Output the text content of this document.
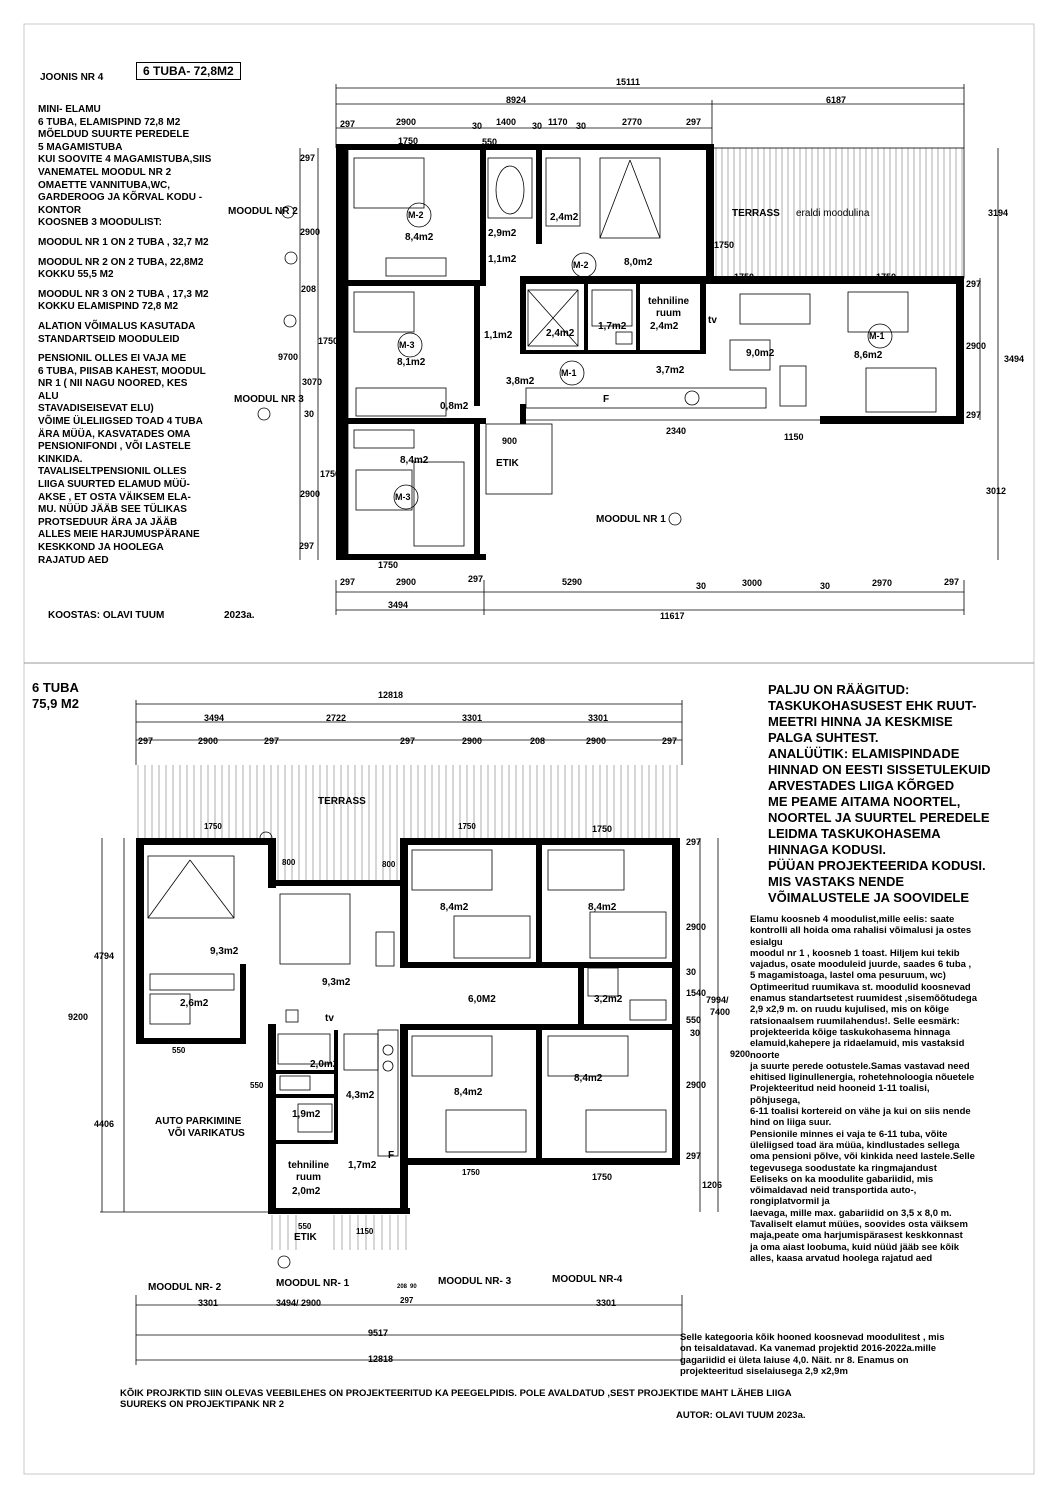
JOONIS NR 4	6 TUBA- 72,8M2
MINI- ELAMU
6 TUBA, ELAMISPIND 72,8 M2
MÕELDUD SUURTE PEREDELE
5 MAGAMISTUBA
KUI SOOVITE 4 MAGAMISTUBA,SIIS
VANEMATEL MOODUL NR 2
OMAETTE VANNITUBA,WC,
GARDEROOG JA KÕRVAL KODU -
KONTOR
KOOSNEB 3 MOODULIST:
MOODUL NR 1 ON 2 TUBA , 32,7 M2
MOODUL NR 2 ON 2 TUBA, 22,8M2
KOKKU 55,5 M2
MOODUL NR 3 ON 2 TUBA , 17,3 M2
KOKKU ELAMISPIND 72,8 M2
ALATION VÕIMALUS KASUTADA
STANDARTSEID MOODULEID
PENSIONIL OLLES EI VAJA ME
6 TUBA, PIISAB KAHEST, MOODUL
NR 1 ( NII NAGU NOORED, KES
ALU
STAVADISEISEVAT ELU)
VÕIME ÜLELIIGSED TOAD 4 TUBA
ÄRA MÜÜA, KASVATADES OMA
PENSIONIFONDI , VÕI LASTELE
KINKIDA.
TAVALISELTPENSIONIL OLLES
LIIGA SUURTED ELAMUD MÜÜ-
AKSE , ET OSTA VÄIKSEM ELA-
MU. NÜÜD JÄÄB SEE TÜLIKAS
PROTSEDUUR ÄRA JA JÄÄB
ALLES MEIE HARJUMUSPÄRANE
KESKKOND JA HOOLEGA
RAJATUD AED
KOOSTAS: OLAVI TUUM	2023a.
15111
8924	6187
297	2900	30 1400 30 1170 30	2770	297
1750	550
1750
1750	1750
1750
1750
1750
9700
297
2900
208
3070
30
2900
297
3194
297
2900
3494
297
3012
900
2340
1150
297	2900	297	5290	30	3000	30	2970	297
3494
11617
MOODUL NR 2
MOODUL NR 3
MOODUL NR 1
TERRASS eraldi moodulina
8,4m2	2,9m2
2,4m2
1,1m2	8,0m2
8,1m2
1,1m2	2,4m2
1,7m2 2,4m2
tehniline
ruum
9,0m2	8,6m2
3,8m2
3,7m2
0,8m2
8,4m2	ETIK
tv
F
M-2
M-2
M-3
M-1
M-1
M-3
6 TUBA
75,9 M2
12818
3494	2722	3301	3301
297	2900	297	297	2900	208	2900	297
TERRASS
1750	1750	1750
800	800
9200
4794
4406
550
550
550
1150
297
2900
30
1540
550
30
2900
297
7994/
7400
9200
1206
1750	1750
9,3m2
2,6m2
9,3m2
8,4m2	8,4m2
6,0M2	3,2m2
2,0m2
4,3m2
1,9m2
1,7m2
8,4m2
8,4m2
tehniline
ruum
2,0m2
ETIK
tv
F
AUTO PARKIMINE
VÕI VARIKATUS
MOODUL NR- 2	MOODUL NR- 1	MOODUL NR- 3	MOODUL NR-4
3301	3494/ 2900	3301
208 90
297
9517
12818
PALJU ON RÄÄGITUD:
TASKUKOHASUSEST EHK RUUT-
MEETRI HINNA JA KESKMISE
PALGA SUHTEST.
ANALÜÜTIK: ELAMISPINDADE
HINNAD ON EESTI SISSETULEKUID
ARVESTADES LIIGA KÕRGED
ME PEAME AITAMA NOORTEL,
NOORTEL JA SUURTEL PEREDELE
LEIDMA TASKUKOHASEMA
HINNAGA KODUSI.
PÜÜAN PROJEKTEERIDA KODUSI.
MIS VASTAKS NENDE
VÕIMALUSTELE JA SOOVIDELE
Elamu koosneb 4 moodulist,mille eelis: saate
kontrolli all hoida oma rahalisi võimalusi ja ostes
esialgu
moodul nr 1 , koosneb 1 toast. Hiljem kui tekib
vajadus, osate mooduleid juurde, saades 6 tuba ,
5 magamistoaga, lastel oma pesuruum, wc)
Optimeeritud ruumikava st. moodulid koosnevad
enamus standartsetest ruumidest ,sisemõõtudega
2,9 x2,9 m. on ruudu kujulised, mis on kõige
ratsionaalsem ruumilahendus!. Selle eesmärk:
projekteerida kõige taskukohasema hinnaga
elamuid,kahepere ja ridaelamuid, mis vastaksid
noorte
ja suurte perede ootustele.Samas vastavad need
ehitised liginullenergia, rohetehnoloogia nõuetele
Projekteeritud neid hooneid 1-11 toalisi,
põhjusega,
6-11 toalisi kortereid on vähe ja kui on siis nende
hind on liiga suur.
Pensionile minnes ei vaja te 6-11 tuba, võite
üleliigsed toad ära müüa, kindlustades sellega
oma pensioni põlve, või kinkida need lastele.Selle
tegevusega soodustate ka ringmajandust
Eeliseks on ka moodulite gabariidid, mis
võimaldavad neid transportida auto-,
rongiplatvormil ja
laevaga, mille max. gabariidid on 3,5 x 8,0 m.
Tavaliselt elamut müües, soovides osta väiksem
maja,peate oma harjumispärasest keskkonnast
ja oma aiast loobuma, kuid nüüd jääb see kõik
alles, kaasa arvatud hoolega rajatud aed
Selle kategooria kõik hooned koosnevad moodulitest , mis
on teisaldatavad. Ka vanemad projektid 2016-2022a.mille
gagariidid ei ületa laiuse 4,0. Näit. nr 8. Enamus on
projekteeritud siselaiusega 2,9 x2,9m
KÕIK PROJRKTID SIIN OLEVAS VEEBILEHES ON PROJEKTEERITUD KA PEEGELPIDIS. POLE AVALDATUD ,SEST PROJEKTIDE MAHT LÄHEB LIIGA
SUUREKS ON PROJEKTIPANK NR 2
AUTOR: OLAVI TUUM 2023a.
